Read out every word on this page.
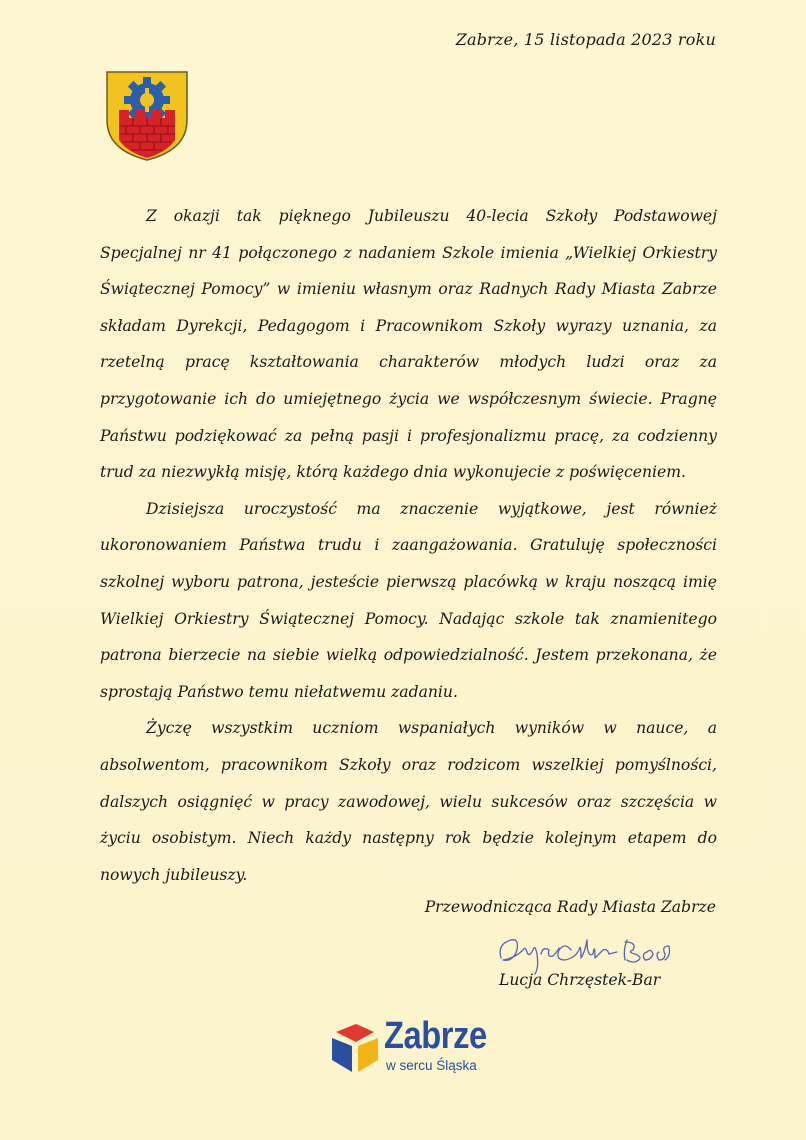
Zabrze, 15 listopada 2023 roku

Z okazji tak pięknego Jubileuszu 40-lecia Szkoły Podstawowej Specjalnej nr 41 połączonego z nadaniem Szkole imienia „Wielkiej Orkiestry Świątecznej Pomocy” w imieniu własnym oraz Radnych Rady Miasta Zabrze składam Dyrekcji, Pedagogom i Pracownikom Szkoły wyrazy uznania, za rzetelną pracę kształtowania charakterów młodych ludzi oraz za przygotowanie ich do umiejętnego życia we współczesnym świecie. Pragnę Państwu podziękować za pełną pasji i profesjonalizmu pracę, za codzienny trud za niezwykłą misję, którą każdego dnia wykonujecie z poświęceniem.

Dzisiejsza uroczystość ma znaczenie wyjątkowe, jest również ukoronowaniem Państwa trudu i zaangażowania. Gratuluję społeczności szkolnej wyboru patrona, jesteście pierwszą placówką w kraju noszącą imię Wielkiej Orkiestry Świątecznej Pomocy. Nadając szkole tak znamienitego patrona bierzecie na siebie wielką odpowiedzialność. Jestem przekonana, że sprostają Państwo temu niełatwemu zadaniu.

Życzę wszystkim uczniom wspaniałych wyników w nauce, a absolwentom, pracownikom Szkoły oraz rodzicom wszelkiej pomyślności, dalszych osiągnięć w pracy zawodowej, wielu sukcesów oraz szczęścia w życiu osobistym. Niech każdy następny rok będzie kolejnym etapem do nowych jubileuszy.

Przewodnicząca Rady Miasta Zabrze
Lucja Chrzęstek-Bar
Zabrze
w sercu Śląska
